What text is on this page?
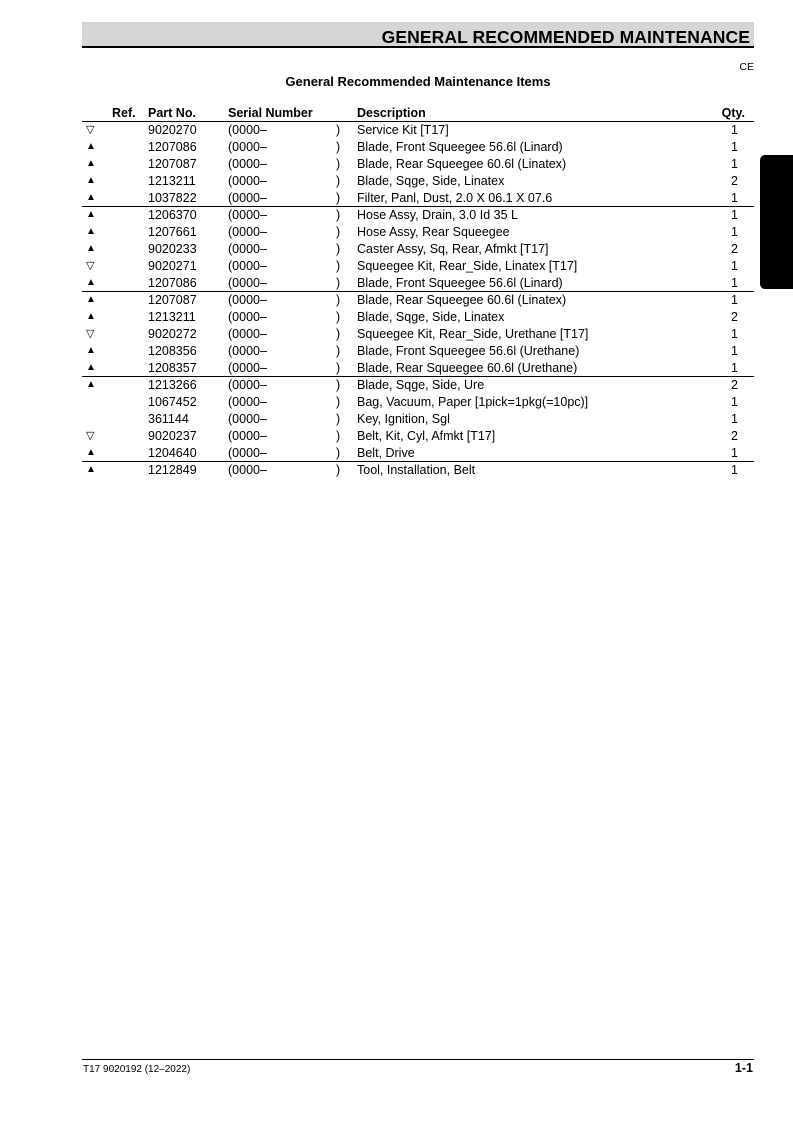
GENERAL RECOMMENDED MAINTENANCE
CE
General Recommended Maintenance Items
Ref. Part No.	Serial Number	Description	Qty.
▽	9020270	(0000–	) Service Kit [T17]	1
▲	1207086	(0000–	) Blade, Front Squeegee 56.6l (Linard)	1
▲	1207087	(0000–	) Blade, Rear Squeegee 60.6l (Linatex)	1
▲	1213211	(0000–	) Blade, Sqge, Side, Linatex	2
▲	1037822	(0000–	) Filter, Panl, Dust, 2.0 X 06.1 X 07.6	1
▲	1206370	(0000–	) Hose Assy, Drain, 3.0 Id 35 L	1
▲	1207661	(0000–	) Hose Assy, Rear Squeegee	1
▲	9020233	(0000–	) Caster Assy, Sq, Rear, Afmkt [T17]	2
▽	9020271	(0000–	) Squeegee Kit, Rear_Side, Linatex [T17]	1
▲	1207086	(0000–	) Blade, Front Squeegee 56.6l (Linard)	1
▲	1207087	(0000–	) Blade, Rear Squeegee 60.6l (Linatex)	1
▲	1213211	(0000–	) Blade, Sqge, Side, Linatex	2
▽	9020272	(0000–	) Squeegee Kit, Rear_Side, Urethane [T17]	1
▲	1208356	(0000–	) Blade, Front Squeegee 56.6l (Urethane)	1
▲	1208357	(0000–	) Blade, Rear Squeegee 60.6l (Urethane)	1
▲	1213266	(0000–	) Blade, Sqge, Side, Ure	2
1067452	(0000–	) Bag, Vacuum, Paper [1pick=1pkg(=10pc)]	1
361144	(0000–	) Key, Ignition, Sgl	1
▽	9020237	(0000–	) Belt, Kit, Cyl, Afmkt [T17]	2
▲	1204640	(0000–	) Belt, Drive	1
▲	1212849	(0000–	) Tool, Installation, Belt	1
T17 9020192 (12–2022)	1-1
